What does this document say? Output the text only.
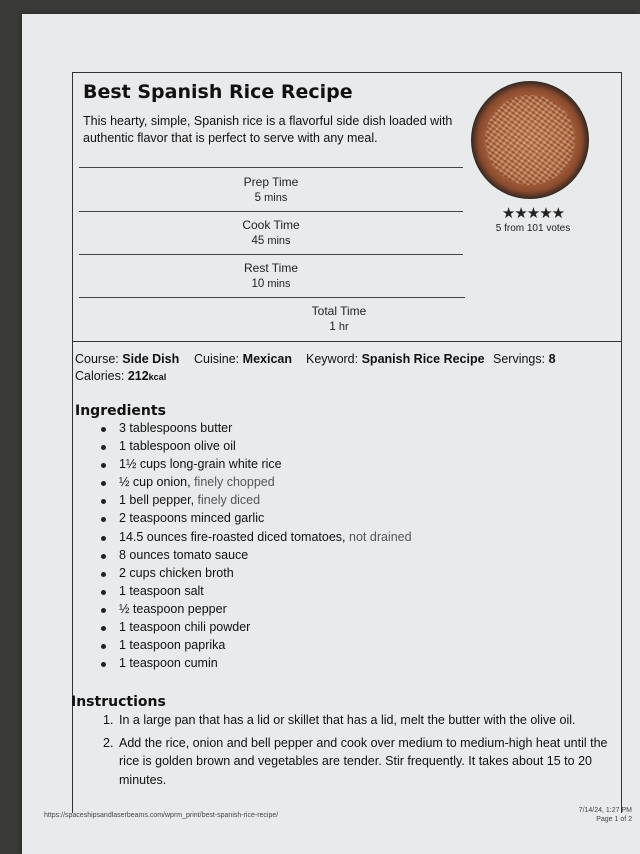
Best Spanish Rice Recipe
This hearty, simple, Spanish rice is a flavorful side dish loaded with authentic flavor that is perfect to serve with any meal.
★★★★★
5 from 101 votes
Prep Time
5 mins
Cook Time
45 mins
Rest Time
10 mins
Total Time
1 hr
Course: Side Dish Cuisine: Mexican Keyword: Spanish Rice Recipe Servings: 8
Calories: 212kcal
Ingredients
3 tablespoons butter
1 tablespoon olive oil
1½ cups long-grain white rice
½ cup onion, finely chopped
1 bell pepper, finely diced
2 teaspoons minced garlic
14.5 ounces fire-roasted diced tomatoes, not drained
8 ounces tomato sauce
2 cups chicken broth
1 teaspoon salt
½ teaspoon pepper
1 teaspoon chili powder
1 teaspoon paprika
1 teaspoon cumin
Instructions
1. In a large pan that has a lid or skillet that has a lid, melt the butter with the olive oil.
2. Add the rice, onion and bell pepper and cook over medium to medium-high heat until the rice is golden brown and vegetables are tender. Stir frequently. It takes about 15 to 20 minutes.
https://spaceshipsandlaserbeams.com/wprm_print/best-spanish-rice-recipe/
7/14/24, 1:27 PM
Page 1 of 2
